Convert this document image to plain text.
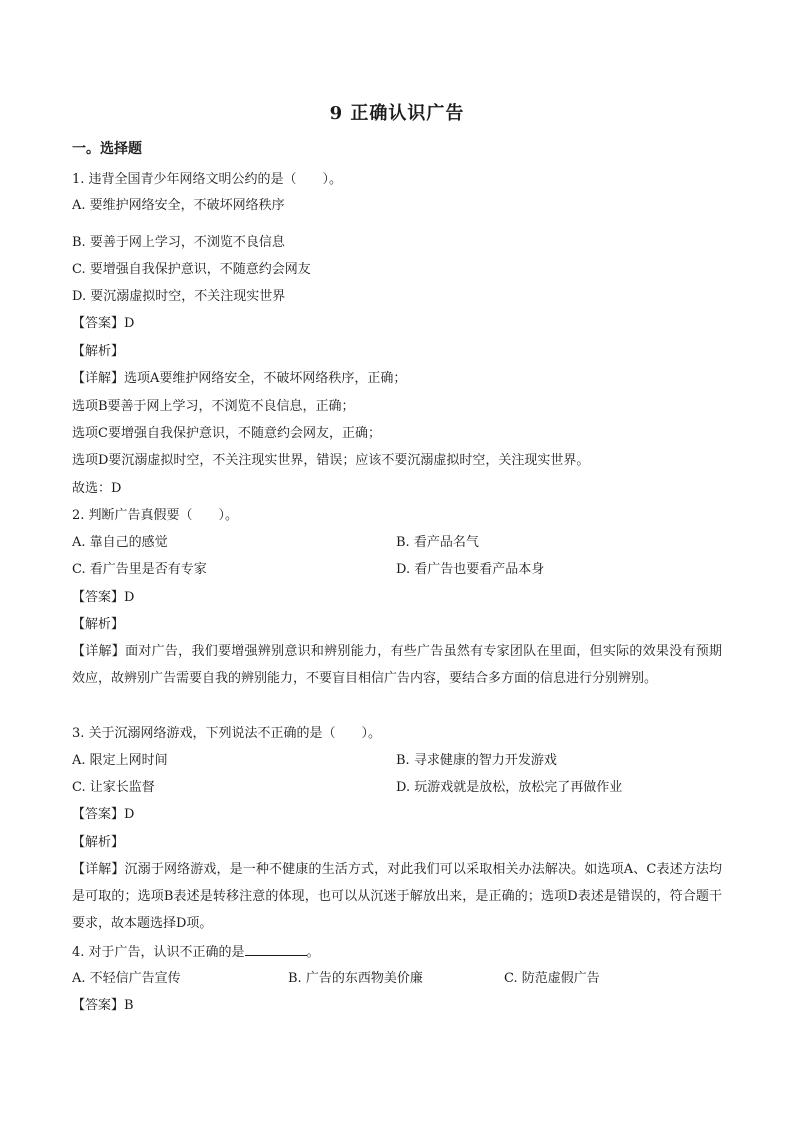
9 正确认识广告
一。选择题
1. 违背全国青少年网络文明公约的是（　　）。
A. 要维护网络安全，不破坏网络秩序
B. 要善于网上学习，不浏览不良信息
C. 要增强自我保护意识，不随意约会网友
D. 要沉溺虚拟时空，不关注现实世界
【答案】D
【解析】
【详解】选项A要维护网络安全，不破坏网络秩序，正确；
选项B要善于网上学习，不浏览不良信息，正确；
选项C要增强自我保护意识，不随意约会网友，正确；
选项D要沉溺虚拟时空，不关注现实世界，错误；应该不要沉溺虚拟时空，关注现实世界。
故选：D
2. 判断广告真假要（　　）。
A. 靠自己的感觉	B. 看产品名气
C. 看广告里是否有专家	D. 看广告也要看产品本身
【答案】D
【解析】
【详解】面对广告，我们要增强辨别意识和辨别能力，有些广告虽然有专家团队在里面，但实际的效果没有预期效应，故辨别广告需要自我的辨别能力，不要盲目相信广告内容，要结合多方面的信息进行分别辨别。
3. 关于沉溺网络游戏，下列说法不正确的是（　　）。
A. 限定上网时间	B. 寻求健康的智力开发游戏
C. 让家长监督	D. 玩游戏就是放松，放松完了再做作业
【答案】D
【解析】
【详解】沉溺于网络游戏，是一种不健康的生活方式，对此我们可以采取相关办法解决。如选项A、C表述方法均是可取的；选项B表述是转移注意的体现，也可以从沉迷于解放出来，是正确的；选项D表述是错误的，符合题干要求，故本题选择D项。
4. 对于广告，认识不正确的是	。
A. 不轻信广告宣传	B. 广告的东西物美价廉	C. 防范虚假广告
【答案】B
